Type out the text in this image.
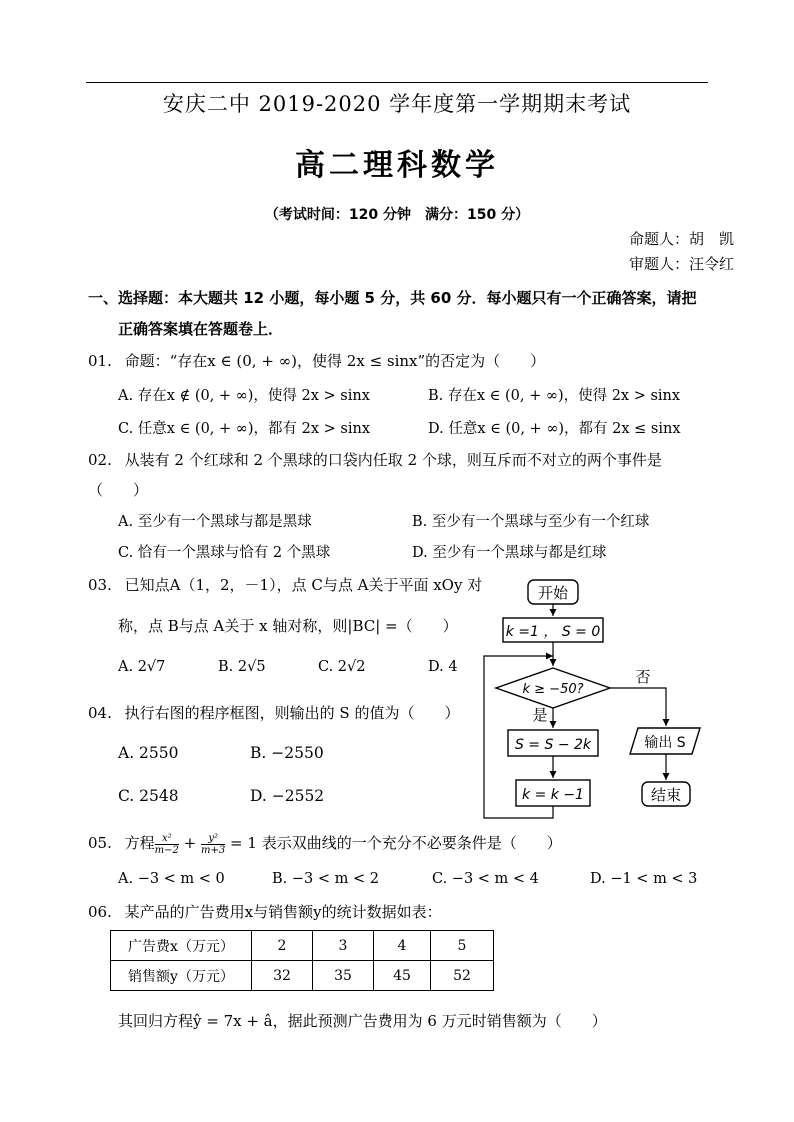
安庆二中 2019-2020 学年度第一学期期末考试
高二理科数学
（考试时间：120 分钟　满分：150 分）
命题人：胡　凯
审题人：汪令红
一、选择题：本大题共 12 小题，每小题 5 分，共 60 分．每小题只有一个正确答案，请把
正确答案填在答题卷上．
01. 命题：“存在x ∈ (0, + ∞)，使得 2x ≤ sinx”的否定为（　　）
A. 存在x ∉ (0, + ∞)，使得 2x > sinx	B. 存在x ∈ (0, + ∞)，使得 2x > sinx
C. 任意x ∈ (0, + ∞)，都有 2x > sinx	D. 任意x ∈ (0, + ∞)，都有 2x ≤ sinx
02. 从装有 2 个红球和 2 个黑球的口袋内任取 2 个球，则互斥而不对立的两个事件是
（　　）
A. 至少有一个黑球与都是黑球	B. 至少有一个黑球与至少有一个红球
C. 恰有一个黑球与恰有 2 个黑球	D. 至少有一个黑球与都是红球
03. 已知点A（1，2，－1），点 C与点 A关于平面 xOy 对
称，点 B与点 A关于 x 轴对称，则|BC| =（　　）
A. 2√7	B. 2√5	C. 2√2	D. 4
04. 执行右图的程序框图，则输出的 S 的值为（　　）
A. 2550	B. −2550
C. 2548	D. −2552
开始
k =1 ， S = 0
k ≥ −50?
否
是
S = S − 2k
k = k −1
输出 S
结束
05. 方程 $\frac{\text{x²}}{m-2} + \frac{\text{y²}}{m+3} = 1$ 表示双曲线的一个充分不必要条件是（　　）
A. −3 < m < 0	B. −3 < m < 2	C. −3 < m < 4	D. −1 < m < 3
06. 某产品的广告费用x与销售额y的统计数据如表：
广告费x（万元）	2	3	4	5
销售额y（万元）	32	35	45	52
其回归方程ŷ = 7x + â，据此预测广告费用为 6 万元时销售额为（　　）
